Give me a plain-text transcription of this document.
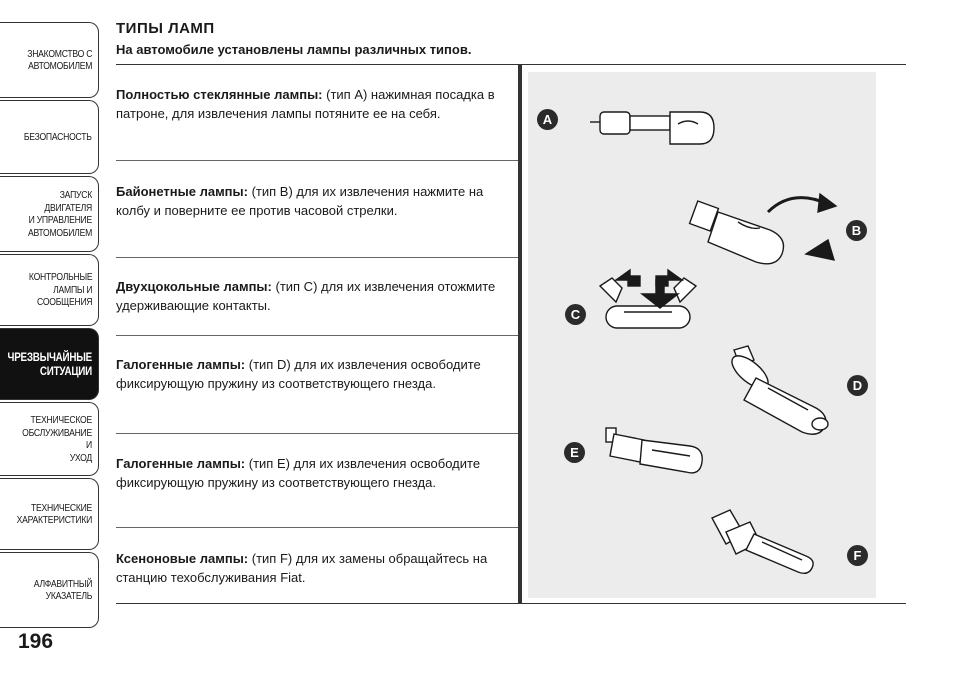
ЗНАКОМСТВО С
АВТОМОБИЛЕМ
БЕЗОПАСНОСТЬ
ЗАПУСК ДВИГАТЕЛЯ
И УПРАВЛЕНИЕ
АВТОМОБИЛЕМ
КОНТРОЛЬНЫЕ
ЛАМПЫ И
СООБЩЕНИЯ
ЧРЕЗВЫЧАЙНЫЕ
СИТУАЦИИ
ТЕХНИЧЕСКОЕ
ОБСЛУЖИВАНИЕ И
УХОД
ТЕХНИЧЕСКИЕ
ХАРАКТЕРИСТИКИ
АЛФАВИТНЫЙ
УКАЗАТЕЛЬ
196
ТИПЫ ЛАМП
На автомобиле установлены лампы различных типов.
Полностью стеклянные лампы: (тип A) нажимная посадка в патроне, для извлечения лампы потяните ее на себя.
Байонетные лампы: (тип B) для их извлечения нажмите на колбу и поверните ее против часовой стрелки.
Двухцокольные лампы: (тип C) для их извлечения отожмите удерживающие контакты.
Галогенные лампы: (тип D) для их извлечения освободите фиксирующую пружину из соответствующего гнезда.
Галогенные лампы: (тип E) для их извлечения освободите фиксирующую пружину из соответствующего гнезда.
Ксеноновые лампы: (тип F) для их замены обращайтесь на станцию техобслуживания Fiat.
A
B
C
D
E
F
